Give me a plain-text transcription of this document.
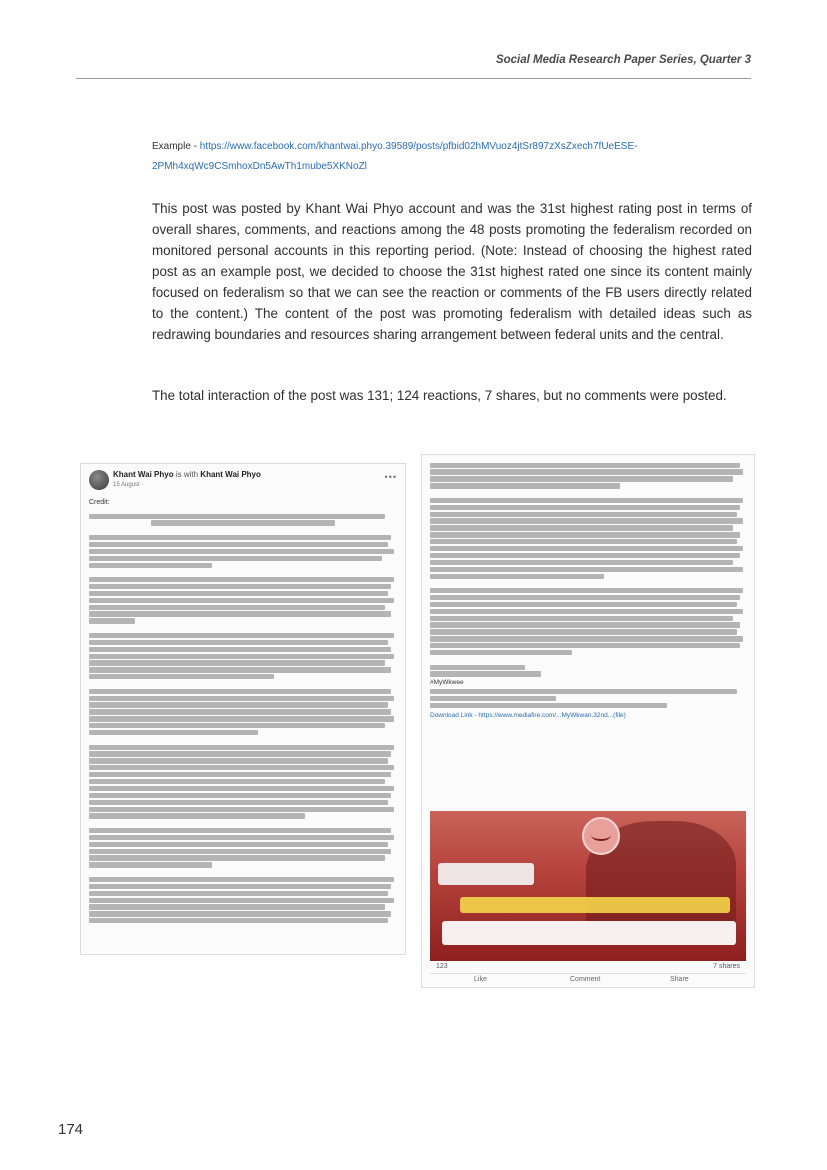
Social Media Research Paper Series, Quarter 3
Example - https://www.facebook.com/khantwai.phyo.39589/posts/pfbid02hMVuoz4jtSr897zXsZxech7fUeESE-2PMh4xqWc9CSmhoxDn5AwTh1mube5XKNoZl
This post was posted by Khant Wai Phyo account and was the 31st highest rating post in terms of overall shares, comments, and reactions among the 48 posts promoting the federalism recorded on monitored personal accounts in this reporting period. (Note: Instead of choosing the highest rated post as an example post, we decided to choose the 31st highest rated one since its content mainly focused on federalism so that we can see the reaction or comments of the FB users directly related to the content.) The content of the post was promoting federalism with detailed ideas such as redrawing boundaries and resources sharing arrangement between federal units and the central.
The total interaction of the post was 131; 124 reactions, 7 shares, but no comments were posted.
Khant Wai Phyo is with Khant Wai Phyo
15 August ·
•••
Credit:
#MyWkwee
Download Link - https://www.mediafire.com/...MyWkwan.32nd...(file)
123	7 shares
Like	Comment	Share
174
